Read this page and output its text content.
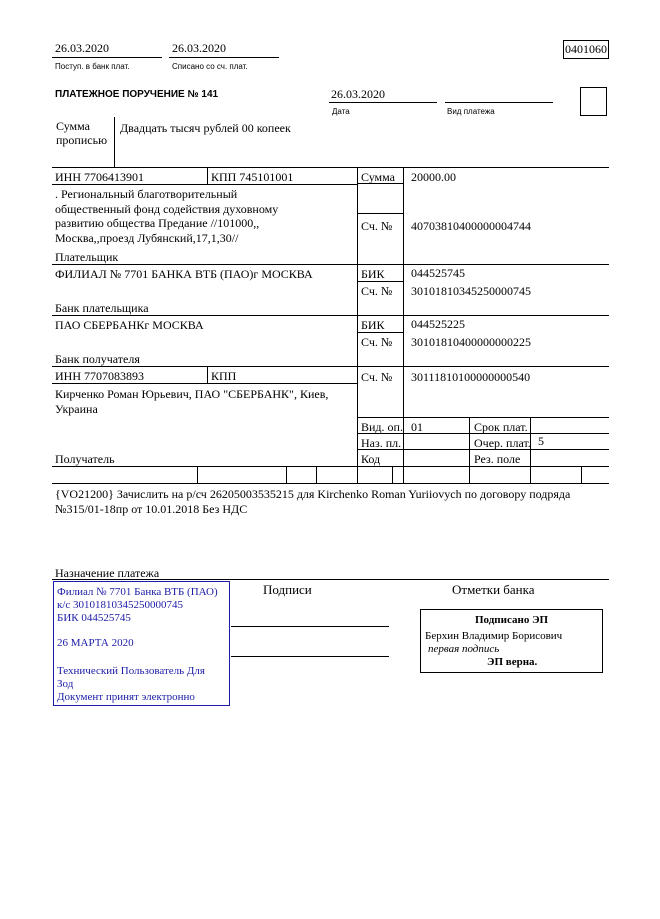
26.03.2020
Поступ. в банк плат.
26.03.2020
Списано со сч. плат.
0401060
ПЛАТЕЖНОЕ ПОРУЧЕНИЕ № 141	26.03.2020
Дата	Вид платежа
Сумма прописью
Двадцать тысяч рублей 00 копеек
ИНН 7706413901	КПП 745101001
. Региональный благотворительный общественный фонд содействия духовному развитию общества Предание //101000,, Москва,,проезд Лубянский,17,1,30//
Плательщик
Сумма 20000.00
Сч. № 40703810400000004744
ФИЛИАЛ № 7701 БАНКА ВТБ (ПАО)г МОСКВА
Банк плательщика
БИК 044525745
Сч. № 30101810345250000745
ПАО СБЕРБАНКг МОСКВА
Банк получателя
БИК 044525225
Сч. № 30101810400000000225
ИНН 7707083893	КПП	Сч. № 30111810100000000540
Кирченко Роман Юрьевич, ПАО "СБЕРБАНК", Киев, Украина
Получатель
Вид. оп. 01	Срок плат.
Наз. пл.	Очер. плат. 5
Код	Рез. поле
{VO21200} Зачислить на р/сч 26205003535215 для Kirchenko Roman Yuriiovych по договору подряда №315/01-18пр от 10.01.2018 Без НДС
Назначение платежа
Филиал № 7701 Банка ВТБ (ПАО)
к/с 30101810345250000745
БИК 044525745
26 МАРТА 2020
Технический Пользователь Для
Зод
Документ принят электронно
Подписи	Отметки банка
Подписано ЭП
Берхин Владимир Борисович
первая подпись
ЭП верна.
